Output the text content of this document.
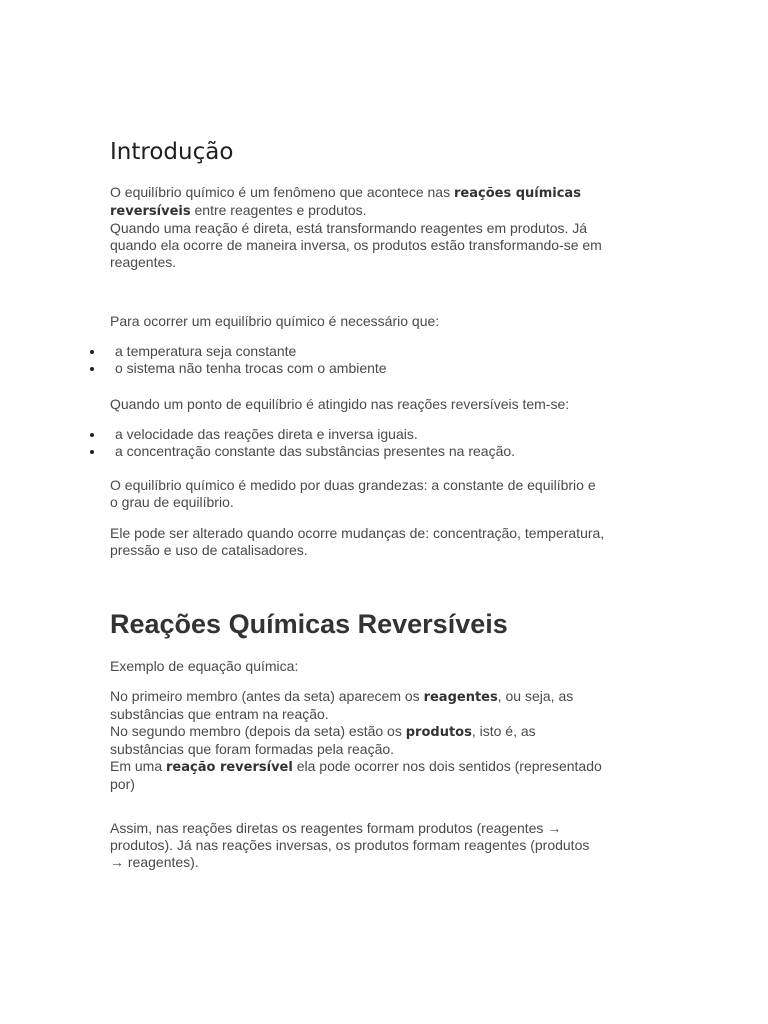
Introdução
O equilíbrio químico é um fenômeno que acontece nas reações químicas
reversíveis entre reagentes e produtos.
Quando uma reação é direta, está transformando reagentes em produtos. Já
quando ela ocorre de maneira inversa, os produtos estão transformando-se em
reagentes.
Para ocorrer um equilíbrio químico é necessário que:
a temperatura seja constante
o sistema não tenha trocas com o ambiente
Quando um ponto de equilíbrio é atingido nas reações reversíveis tem-se:
a velocidade das reações direta e inversa iguais.
a concentração constante das substâncias presentes na reação.
O equilíbrio químico é medido por duas grandezas: a constante de equilíbrio e
o grau de equilíbrio.
Ele pode ser alterado quando ocorre mudanças de: concentração, temperatura,
pressão e uso de catalisadores.
Reações Químicas Reversíveis
Exemplo de equação química:
No primeiro membro (antes da seta) aparecem os reagentes, ou seja, as
substâncias que entram na reação.
No segundo membro (depois da seta) estão os produtos, isto é, as
substâncias que foram formadas pela reação.
Em uma reação reversível ela pode ocorrer nos dois sentidos (representado
por)
Assim, nas reações diretas os reagentes formam produtos (reagentes →
produtos). Já nas reações inversas, os produtos formam reagentes (produtos
→ reagentes).
